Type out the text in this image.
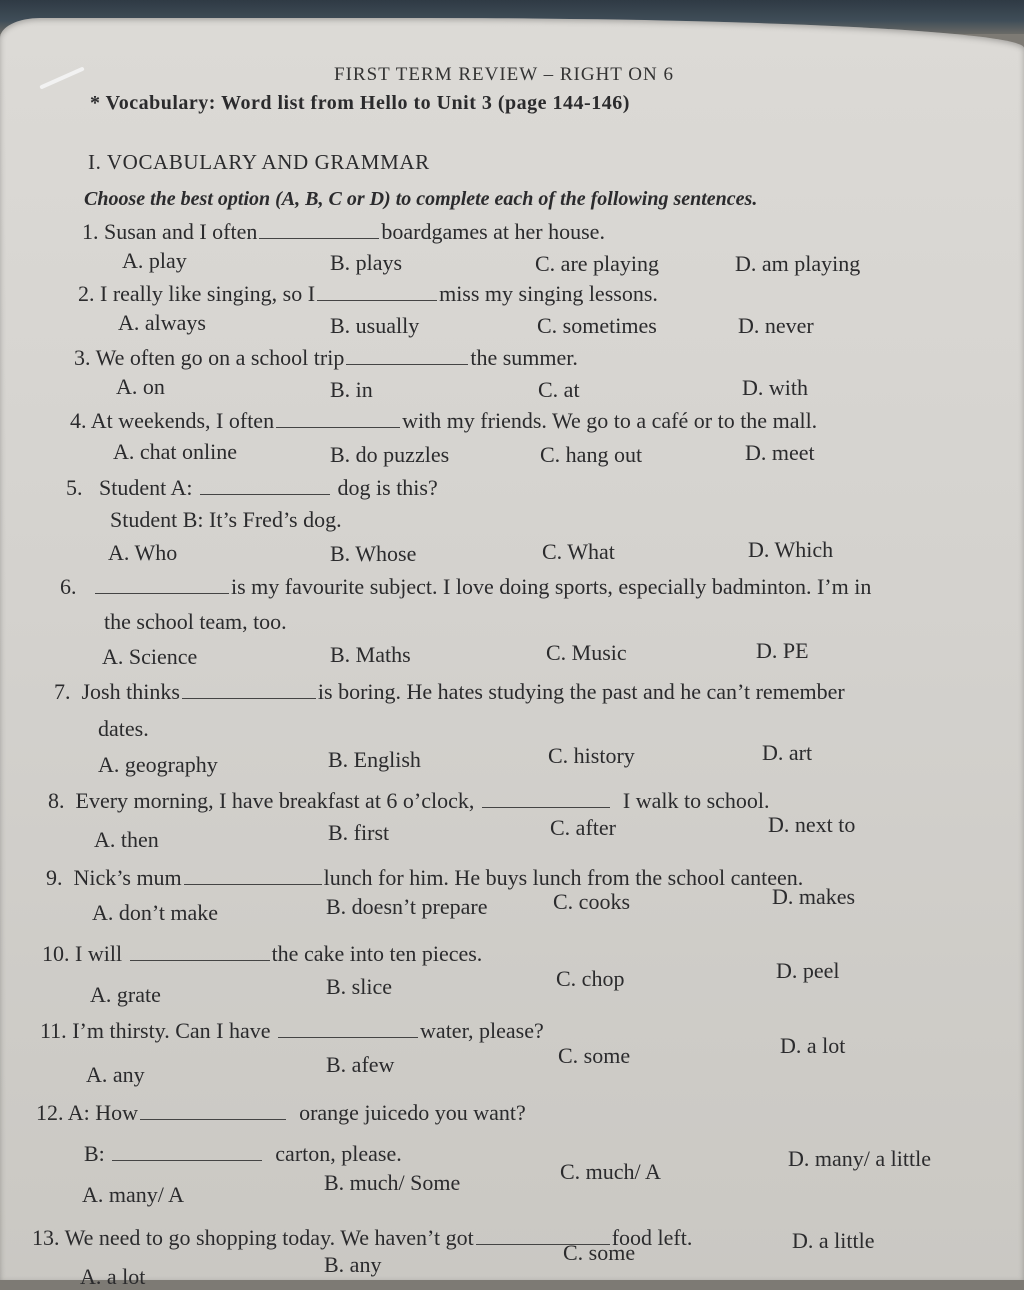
FIRST TERM REVIEW – RIGHT ON 6
* Vocabulary: Word list from Hello to Unit 3 (page 144-146)
I. VOCABULARY AND GRAMMAR
Choose the best option (A, B, C or D) to complete each of the following sentences.
1. Susan and I often	boardgames at her house.
A. play	B. plays	C. are playing	D. am playing
2. I really like singing, so I	miss my singing lessons.
A. always	B. usually	C. sometimes	D. never
3. We often go on a school trip	the summer.
A. on	B. in	C. at	D. with
4. At weekends, I often	with my friends. We go to a café or to the mall.
A. chat online	B. do puzzles	C. hang out	D. meet
5. Student A:	dog is this?
Student B: It’s Fred’s dog.
A. Who	B. Whose	C. What	D. Which
6.	is my favourite subject. I love doing sports, especially badminton. I’m in
the school team, too.
A. Science	B. Maths	C. Music	D. PE
7. Josh thinks	is boring. He hates studying the past and he can’t remember
dates.
A. geography	B. English	C. history	D. art
8. Every morning, I have breakfast at 6 o’clock,	I walk to school.
A. then	B. first	C. after	D. next to
9. Nick’s mum	lunch for him. He buys lunch from the school canteen.
A. don’t make	B. doesn’t prepare	C. cooks	D. makes
10. I will	the cake into ten pieces.
A. grate	B. slice	C. chop	D. peel
11. I’m thirsty. Can I have	water, please?
A. any	B. afew	C. some	D. a lot
12. A: How	orange juicedo you want?
B:	carton, please.
A. many/ A	B. much/ Some	C. much/ A
D. many/ a little
13. We need to go shopping today. We haven’t got	food left.
A. a lot	B. any	C. some	D. a little
